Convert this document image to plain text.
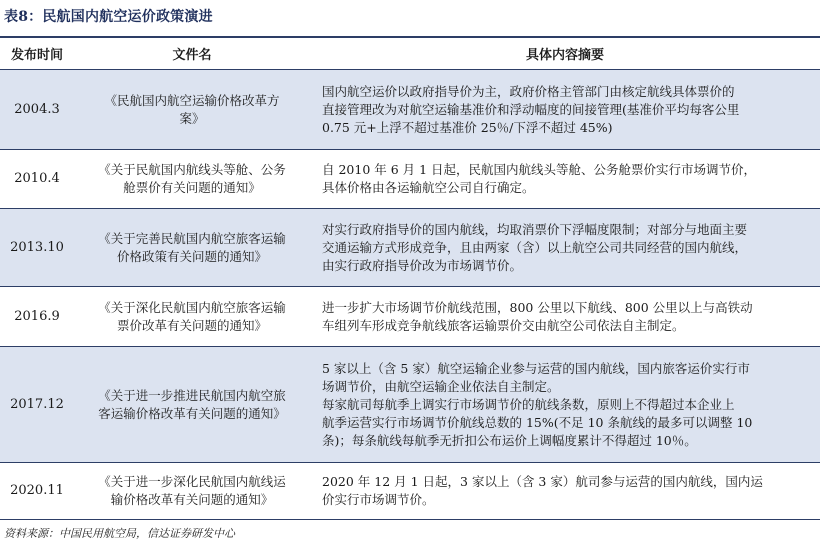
表8：民航国内航空运价政策演进
发布时间	文件名	具体内容摘要
2004.3	《民航国内航空运输价格改革方
案》	国内航空运价以政府指导价为主，政府价格主管部门由核定航线具体票价的
直接管理改为对航空运输基准价和浮动幅度的间接管理(基准价平均每客公里
0.75 元+上浮不超过基准价 25％/下浮不超过 45%)

2010.4	《关于民航国内航线头等舱、公务
舱票价有关问题的通知》	自 2010 年 6 月 1 日起，民航国内航线头等舱、公务舱票价实行市场调节价，
具体价格由各运输航空公司自行确定。

2013.10	《关于完善民航国内航空旅客运输
价格政策有关问题的通知》	对实行政府指导价的国内航线，均取消票价下浮幅度限制；对部分与地面主要
交通运输方式形成竞争，且由两家（含）以上航空公司共同经营的国内航线，
由实行政府指导价改为市场调节价。

2016.9	《关于深化民航国内航空旅客运输
票价改革有关问题的通知》	进一步扩大市场调节价航线范围，800 公里以下航线、800 公里以上与高铁动
车组列车形成竞争航线旅客运输票价交由航空公司依法自主制定。

2017.12	《关于进一步推进民航国内航空旅
客运输价格改革有关问题的通知》	5 家以上（含 5 家）航空运输企业参与运营的国内航线，国内旅客运价实行市
场调节价，由航空运输企业依法自主制定。
每家航司每航季上调实行市场调节价的航线条数，原则上不得超过本企业上
航季运营实行市场调节价航线总数的 15%(不足 10 条航线的最多可以调整 10
条)；每条航线每航季无折扣公布运价上调幅度累计不得超过 10％。

2020.11	《关于进一步深化民航国内航线运
输价格改革有关问题的通知》	2020 年 12 月 1 日起，3 家以上（含 3 家）航司参与运营的国内航线，国内运
价实行市场调节价。
资料来源：中国民用航空局，信达证券研发中心
